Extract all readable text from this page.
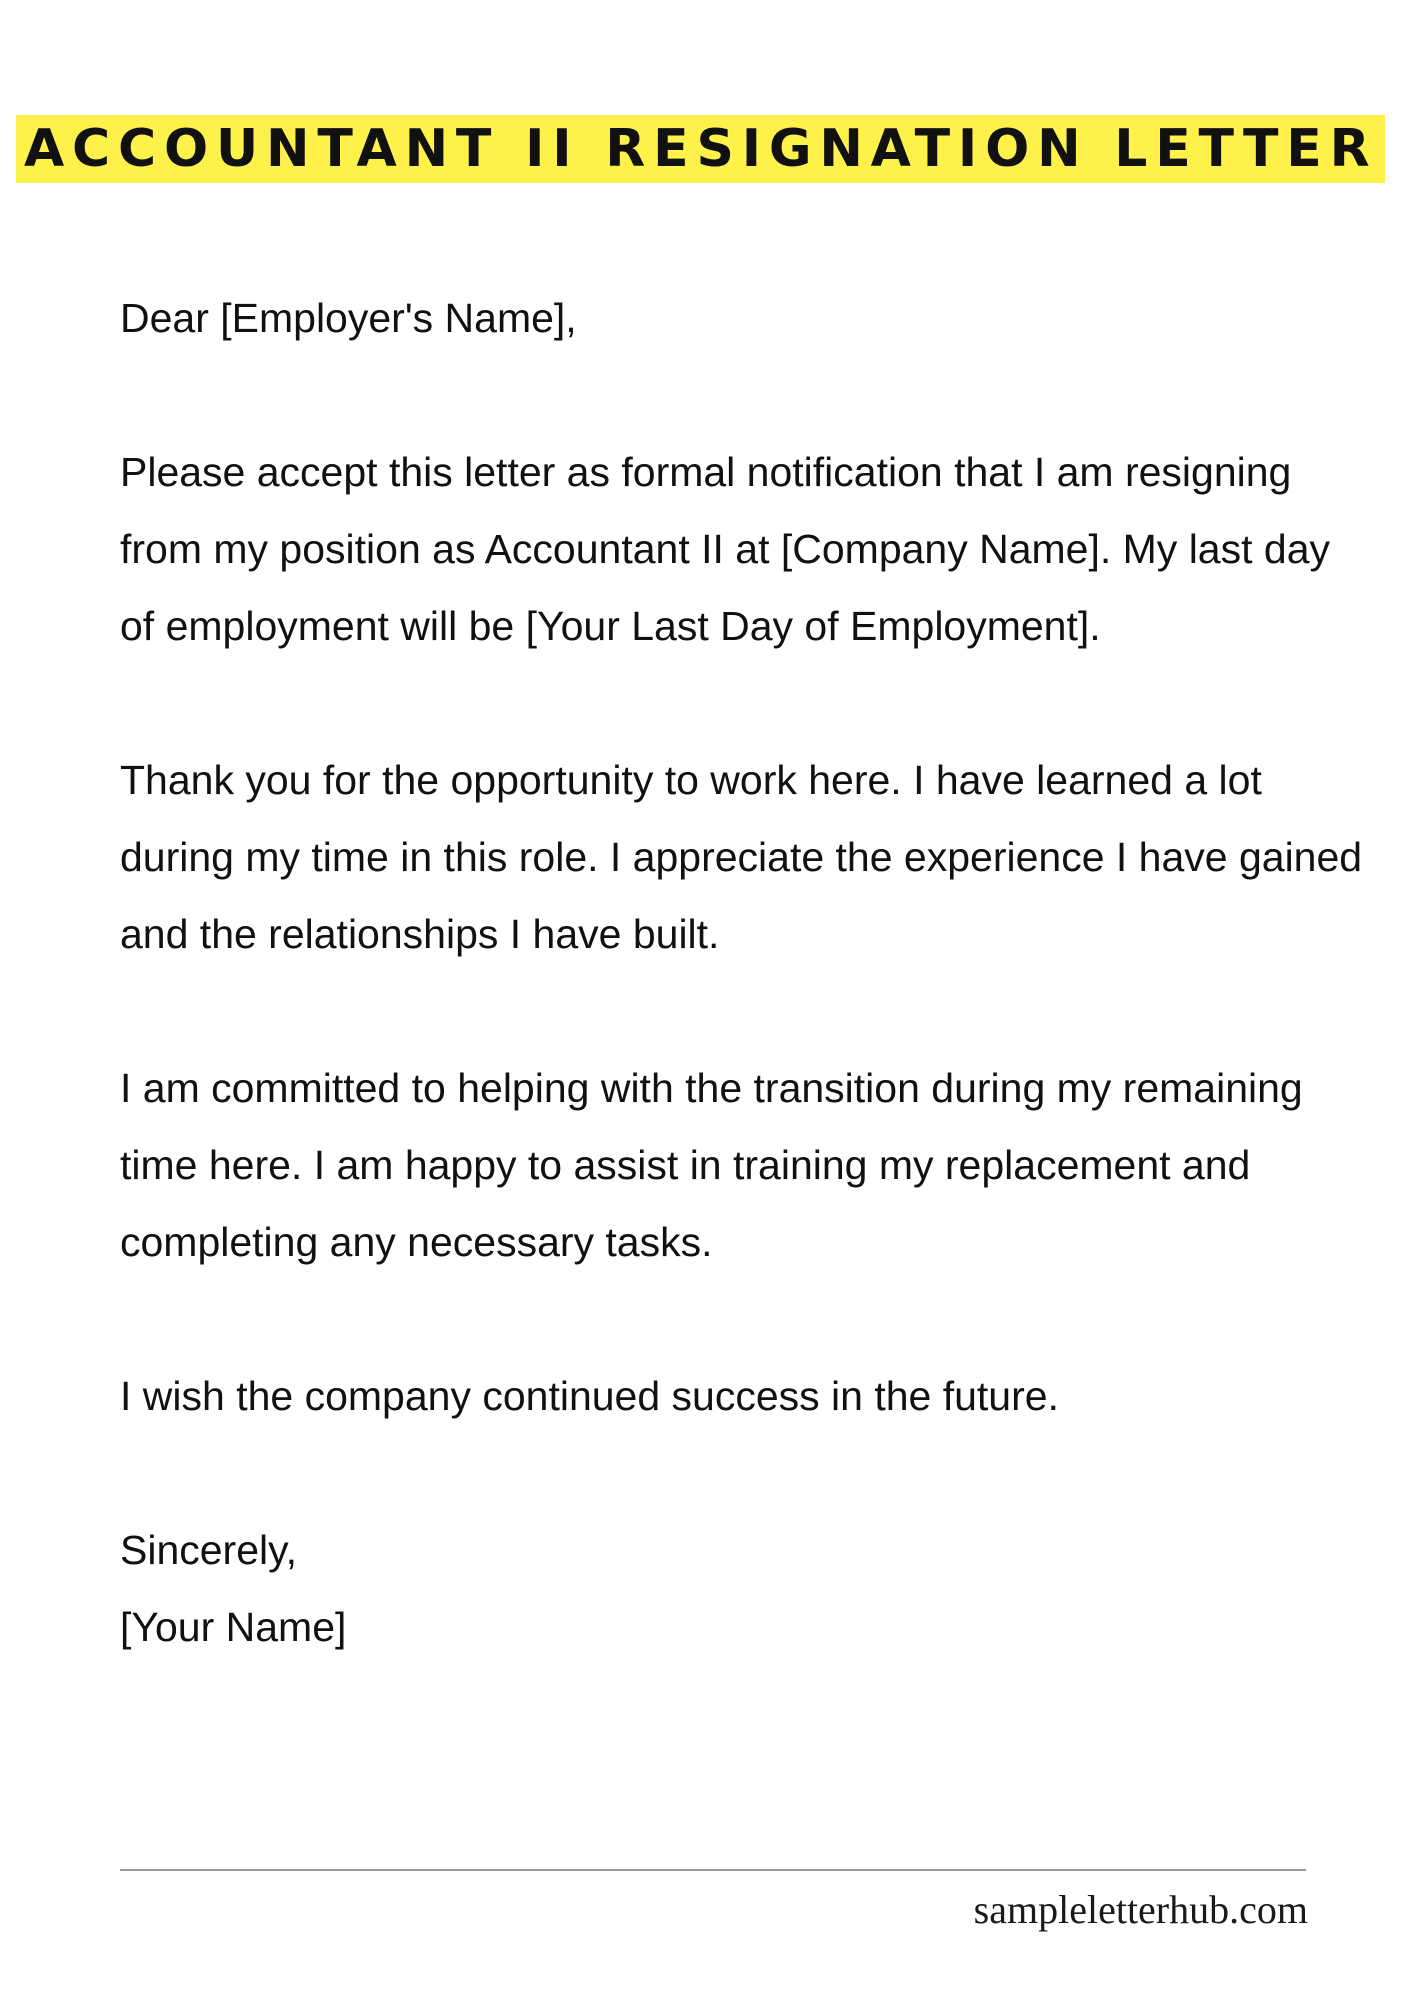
ACCOUNTANT II RESIGNATION LETTER

Dear [Employer's Name],

Please accept this letter as formal notification that I am resigning from my position as Accountant II at [Company Name]. My last day of employment will be [Your Last Day of Employment].

Thank you for the opportunity to work here. I have learned a lot during my time in this role. I appreciate the experience I have gained and the relationships I have built.

I am committed to helping with the transition during my remaining time here. I am happy to assist in training my replacement and completing any necessary tasks.

I wish the company continued success in the future.

Sincerely,
[Your Name]
sampleletterhub.com
